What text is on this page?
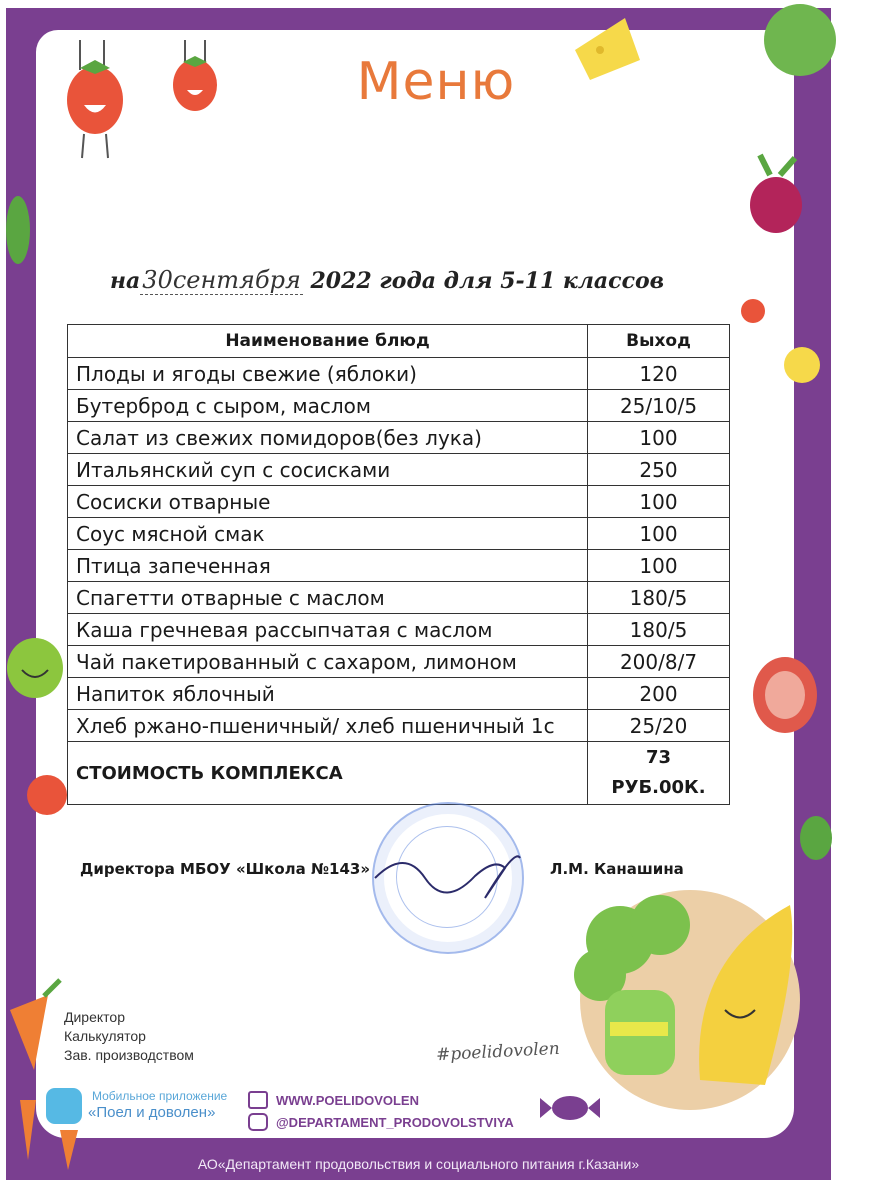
АО«Департамент продовольствия и социального питания г.Казани»
Меню
на30сентября 2022 года для 5-11 классов
Наименование блюд	Выход
Плоды и ягоды свежие (яблоки)	120
Бутерброд с сыром, маслом	25/10/5
Салат из свежих помидоров(без лука)	100
Итальянский суп с сосисками	250
Сосиски отварные	100
Соус мясной смак	100
Птица запеченная	100
Спагетти отварные с маслом	180/5
Каша гречневая рассыпчатая с маслом	180/5
Чай пакетированный с сахаром, лимоном	200/8/7
Напиток яблочный	200
Хлеб ржано-пшеничный/ хлеб пшеничный 1с	25/20
СТОИМОСТЬ КОМПЛЕКСА	73
РУБ.00К.
Директора МБОУ «Школа №143»	Л.М. Канашина
Директор
Калькулятор
Зав. производством	#poelidovolen
Мобильное приложение
«Поел и доволен»
WWW.POELIDOVOLEN
@DEPARTAMENT_PRODOVOLSTVIYA
